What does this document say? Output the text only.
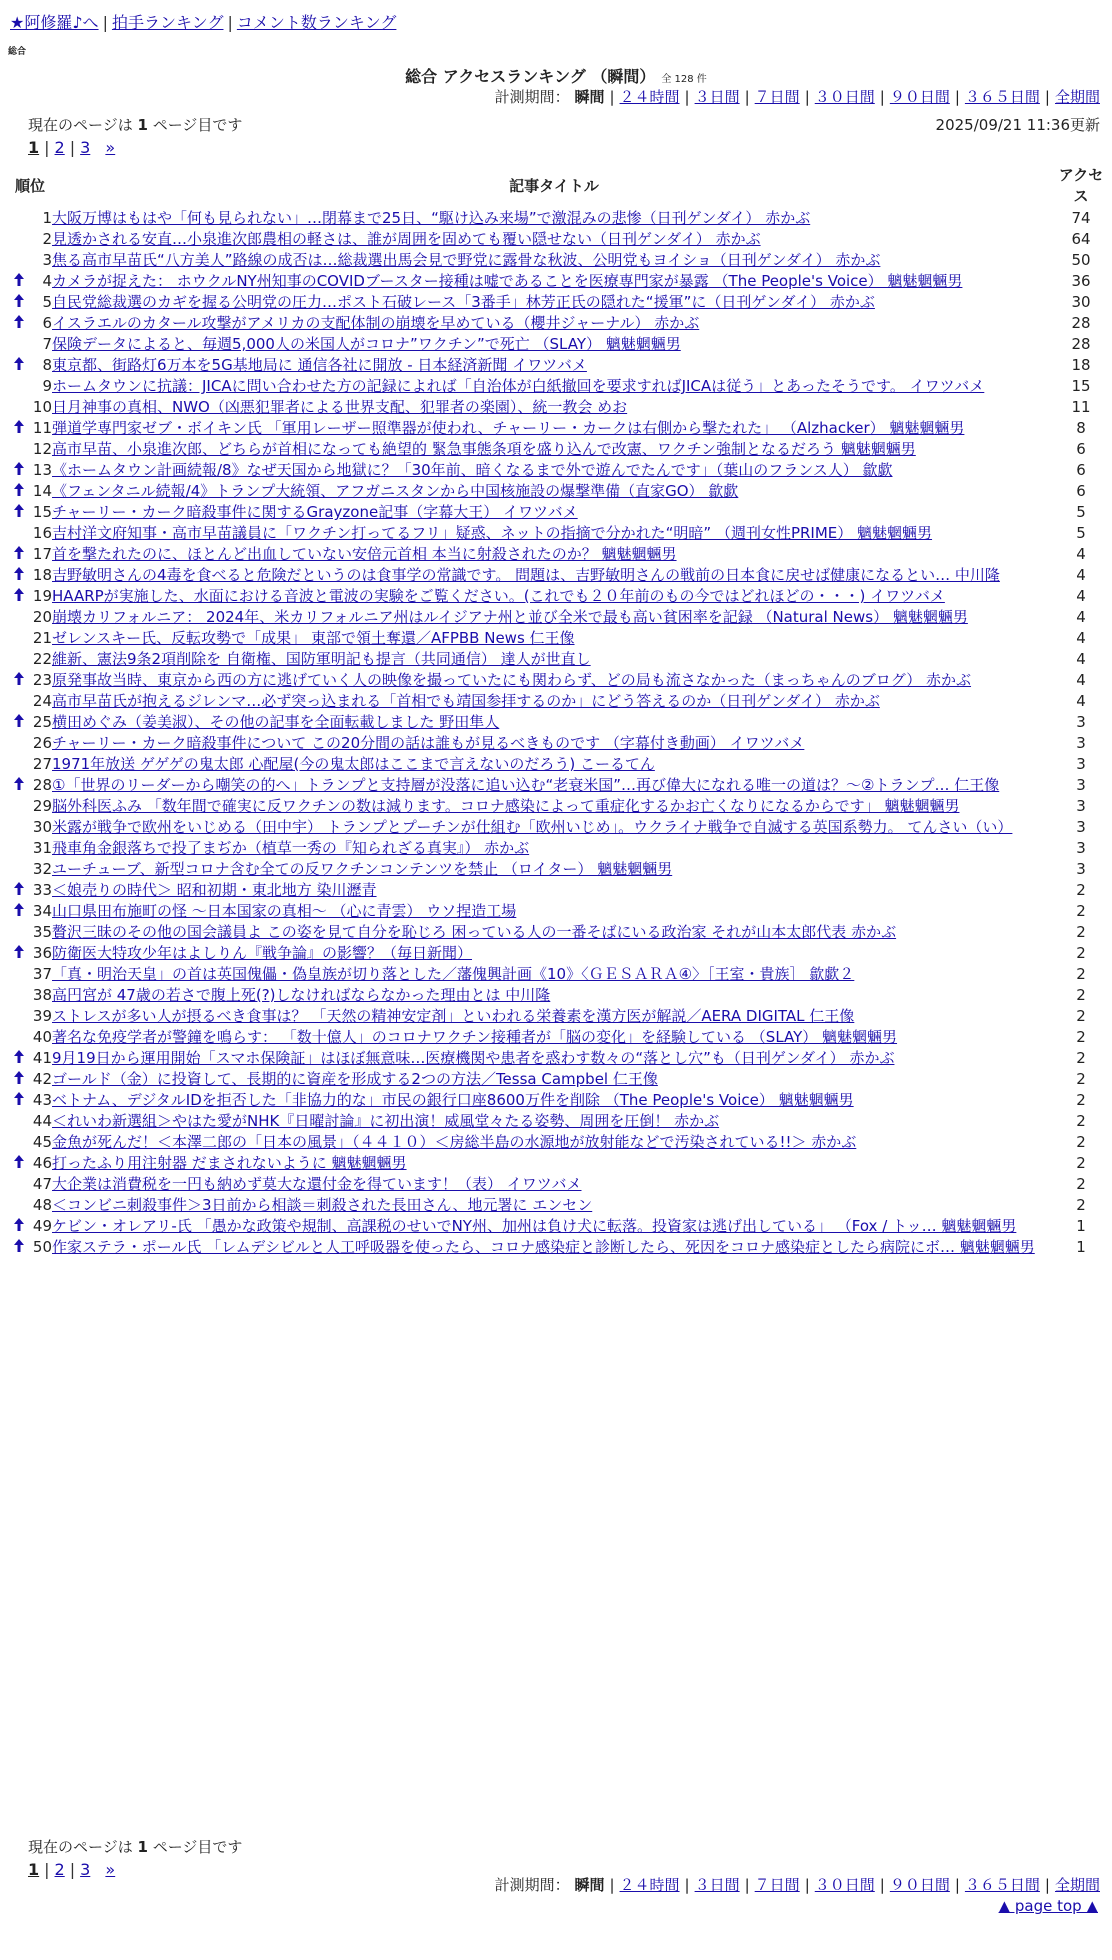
★阿修羅♪へ | 拍手ランキング | コメント数ランキング
総合
総合 アクセスランキング （瞬間） 全 128 件
計測期間： 瞬間 | ２４時間 | ３日間 | ７日間 | ３０日間 | ９０日間 | ３６５日間 | 全期間
現在のページは 1 ページ目です	2025/09/21 11:36更新
1 | 2 | 3 »
順位		記事タイトル	アクセス
	1	大阪万博はもはや「何も見られない」…閉幕まで25日、“駆け込み来場”で激混みの悲惨（日刊ゲンダイ） 赤かぶ	74
	2	見透かされる安直…小泉進次郎農相の軽さは、誰が周囲を固めても覆い隠せない（日刊ゲンダイ） 赤かぶ	64
	3	焦る高市早苗氏“八方美人”路線の成否は…総裁選出馬会見で野党に露骨な秋波、公明党もヨイショ（日刊ゲンダイ） 赤かぶ	50
	4	カメラが捉えた： ホウクルNY州知事のCOVIDブースター接種は嘘であることを医療専門家が暴露 （The People's Voice） 魑魅魍魎男	36
	5	自民党総裁選のカギを握る公明党の圧力…ポスト石破レース「3番手」林芳正氏の隠れた“援軍”に（日刊ゲンダイ） 赤かぶ	30
	6	イスラエルのカタール攻撃がアメリカの支配体制の崩壊を早めている（櫻井ジャーナル） 赤かぶ	28
	7	保険データによると、毎週5,000人の米国人がコロナ”ワクチン”で死亡 （SLAY） 魑魅魍魎男	28
	8	東京都、街路灯6万本を5G基地局に 通信各社に開放 - 日本経済新聞 イワツバメ	18
	9	ホームタウンに抗議：JICAに問い合わせた方の記録によれば「自治体が白紙撤回を要求すればJICAは従う」とあったそうです。 イワツバメ	15
	10	日月神事の真相、NWO（凶悪犯罪者による世界支配、犯罪者の楽園）、統一教会 めお	11
	11	弾道学専門家ゼブ・ボイキン氏 「軍用レーザー照準器が使われ、チャーリー・カークは右側から撃たれた」 （Alzhacker） 魑魅魍魎男	8
	12	高市早苗、小泉進次郎、どちらが首相になっても絶望的 緊急事態条項を盛り込んで改憲、ワクチン強制となるだろう 魑魅魍魎男	6
	13	《ホームタウン計画続報/8》なぜ天国から地獄に？「30年前、暗くなるまで外で遊んでたんです」（葉山のフランス人） 歙歔	6
	14	《フェンタニル続報/4》トランプ大統領、アフガニスタンから中国核施設の爆撃準備（直家GO） 歙歔	6
	15	チャーリー・カーク暗殺事件に関するGrayzone記事（字幕大王） イワツバメ	5
	16	吉村洋文府知事・高市早苗議員に「ワクチン打ってるフリ」疑惑、ネットの指摘で分かれた“明暗” （週刊女性PRIME） 魑魅魍魎男	5
	17	首を撃たれたのに、ほとんど出血していない安倍元首相 本当に射殺されたのか？ 魑魅魍魎男	4
	18	吉野敏明さんの4毒を食べると危険だというのは食事学の常識です。 問題は、吉野敏明さんの戦前の日本食に戻せば健康になるとい… 中川隆	4
	19	HAARPが実施した、水面における音波と電波の実験をご覧ください。(これでも２０年前のもの今ではどれほどの・・・) イワツバメ	4
	20	崩壊カリフォルニア： 2024年、米カリフォルニア州はルイジアナ州と並び全米で最も高い貧困率を記録 （Natural News） 魑魅魍魎男	4
	21	ゼレンスキー氏、反転攻勢で「成果」 東部で領土奪還／AFPBB News 仁王像	4
	22	維新、憲法9条2項削除を 自衛権、国防軍明記も提言（共同通信） 達人が世直し	4
	23	原発事故当時、東京から西の方に逃げていく人の映像を撮っていたにも関わらず、どの局も流さなかった（まっちゃんのブログ） 赤かぶ	4
	24	高市早苗氏が抱えるジレンマ…必ず突っ込まれる「首相でも靖国参拝するのか」にどう答えるのか（日刊ゲンダイ） 赤かぶ	4
	25	横田めぐみ（姜美淑）、その他の記事を全面転載しました 野田隼人	3
	26	チャーリー・カーク暗殺事件について この20分間の話は誰もが見るべきものです （字幕付き動画） イワツバメ	3
	27	1971年放送 ゲゲゲの鬼太郎 心配屋(今の鬼太郎はここまで言えないのだろう) こーるてん	3
	28	①「世界のリーダーから嘲笑の的へ」トランプと支持層が没落に追い込む“老衰米国”…再び偉大になれる唯一の道は？～②トランプ… 仁王像	3
	29	脳外科医ふみ 「数年間で確実に反ワクチンの数は減ります。コロナ感染によって重症化するかお亡くなりになるからです」 魑魅魍魎男	3
	30	米露が戦争で欧州をいじめる（田中宇） トランプとプーチンが仕組む「欧州いじめ」。ウクライナ戦争で自滅する英国系勢力。 てんさい（い）	3
	31	飛車角金銀落ちで投了まぢか（植草一秀の『知られざる真実』） 赤かぶ	3
	32	ユーチューブ、新型コロナ含む全ての反ワクチンコンテンツを禁止 （ロイター） 魑魅魍魎男	3
	33	＜娘売りの時代＞ 昭和初期・東北地方 染川瀝青	2
	34	山口県田布施町の怪 ～日本国家の真相～ （心に青雲） ウソ捏造工場	2
	35	贅沢三昧のその他の国会議員よ この姿を見て自分を恥じろ 困っている人の一番そばにいる政治家 それが山本太郎代表 赤かぶ	2
	36	防衛医大特攻少年はよしりん『戦争論』の影響？（毎日新聞）	2
	37	「真・明治天皇」の首は英国傀儡・偽皇族が切り落とした／藩傀興計画《10》〈ＧＥＳＡＲＡ④〉［王室・貴族］ 歙歔２	2
	38	高円宮が 47歳の若さで腹上死(?)しなければならなかった理由とは 中川隆	2
	39	ストレスが多い人が摂るべき食事は？ 「天然の精神安定剤」といわれる栄養素を漢方医が解説／AERA DIGITAL 仁王像	2
	40	著名な免疫学者が警鐘を鳴らす： 「数十億人」のコロナワクチン接種者が「脳の変化」を経験している （SLAY） 魑魅魍魎男	2
	41	9月19日から運用開始「スマホ保険証」はほぼ無意味…医療機関や患者を惑わす数々の“落とし穴”も（日刊ゲンダイ） 赤かぶ	2
	42	ゴールド（金）に投資して、長期的に資産を形成する2つの方法／Tessa Campbel 仁王像	2
	43	ベトナム、デジタルIDを拒否した「非協力的な」市民の銀行口座8600万件を削除 （The People's Voice） 魑魅魍魎男	2
	44	＜れいわ新選組＞やはた愛がNHK『日曜討論』に初出演！威風堂々たる姿勢、周囲を圧倒！ 赤かぶ	2
	45	金魚が死んだ！＜本澤二郎の「日本の風景」（４４１０）＜房総半島の水源地が放射能などで汚染されている!!＞ 赤かぶ	2
	46	打ったふり用注射器 だまされないように 魑魅魍魎男	2
	47	大企業は消費税を一円も納めず莫大な還付金を得ています！（表） イワツバメ	2
	48	＜コンビニ刺殺事件＞3日前から相談＝刺殺された長田さん、地元署に エンセン	2
	49	ケビン・オレアリ-氏 「愚かな政策や規制、高課税のせいでNY州、加州は負け犬に転落。投資家は逃げ出している」 （Fox / トッ… 魑魅魍魎男	1
	50	作家ステラ・ポール氏 「レムデシビルと人工呼吸器を使ったら、コロナ感染症と診断したら、死因をコロナ感染症としたら病院にボ… 魑魅魍魎男	1
現在のページは 1 ページ目です
1 | 2 | 3 »
計測期間： 瞬間 | ２４時間 | ３日間 | ７日間 | ３０日間 | ９０日間 | ３６５日間 | 全期間
▲ page top ▲
